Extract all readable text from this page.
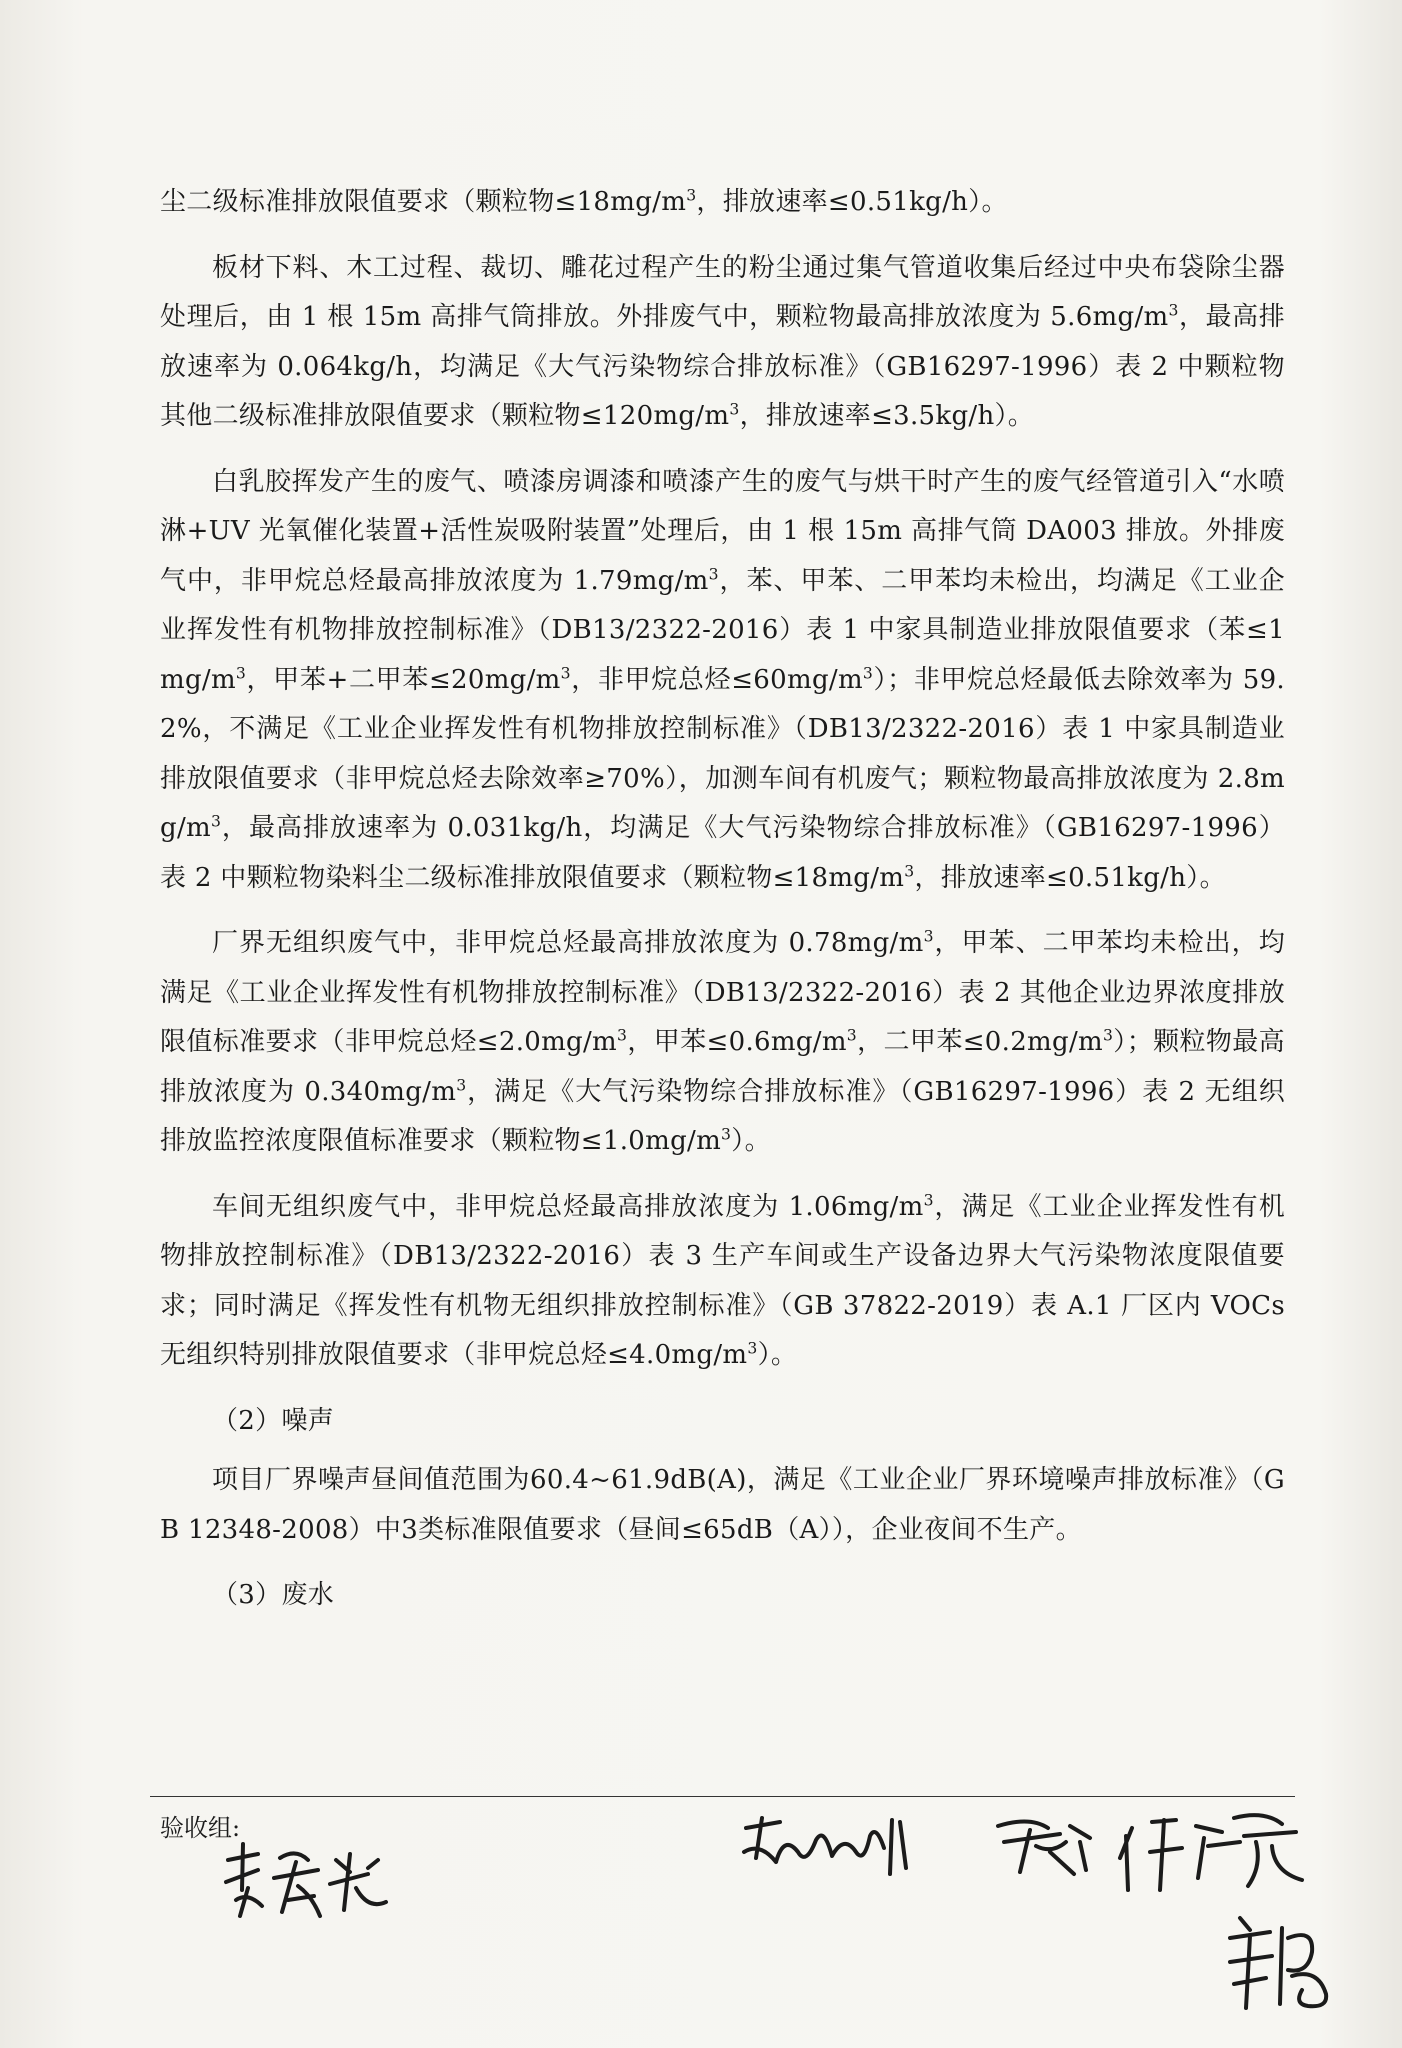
尘二级标准排放限值要求（颗粒物$\le 18mg/m^3$，排放速率≤0.51kg/h）。

板材下料、木工过程、裁切、雕花过程产生的粉尘通过集气管道收集后经过中央布袋除尘器处理后，由 1 根 15m 高排气筒排放。外排废气中，颗粒物最高排放浓度为 $5.6mg/m^3$，最高排放速率为 0.064kg/h，均满足《大气污染物综合排放标准》（GB16297-1996）表 2 中颗粒物其他二级标准排放限值要求（颗粒物$\le 120mg/m^3$，排放速率≤3.5kg/h）。

白乳胶挥发产生的废气、喷漆房调漆和喷漆产生的废气与烘干时产生的废气经管道引入“水喷淋+UV 光氧催化装置+活性炭吸附装置”处理后，由 1 根 15m 高排气筒 DA003 排放。外排废气中，非甲烷总烃最高排放浓度为 $1.79mg/m^3$，苯、甲苯、二甲苯均未检出，均满足《工业企业挥发性有机物排放控制标准》（DB13/2322-2016）表 1 中家具制造业排放限值要求（苯$\le 1mg/m^3$，甲苯+二甲苯$\le 20mg/m^3$，非甲烷总烃$\le 60mg/m^3$）；非甲烷总烃最低去除效率为 59.2%，不满足《工业企业挥发性有机物排放控制标准》（DB13/2322-2016）表 1 中家具制造业排放限值要求（非甲烷总烃去除效率≥70%），加测车间有机废气；颗粒物最高排放浓度为 $2.8mg/m^3$，最高排放速率为 0.031kg/h，均满足《大气污染物综合排放标准》（GB16297-1996）表 2 中颗粒物染料尘二级标准排放限值要求（颗粒物$\le 18mg/m^3$，排放速率≤0.51kg/h）。

厂界无组织废气中，非甲烷总烃最高排放浓度为 $0.78mg/m^3$，甲苯、二甲苯均未检出，均满足《工业企业挥发性有机物排放控制标准》（DB13/2322-2016）表 2 其他企业边界浓度排放限值标准要求（非甲烷总烃$\le 2.0mg/m^3$，甲苯$\le 0.6mg/m^3$，二甲苯$\le 0.2mg/m^3$）；颗粒物最高排放浓度为 $0.340mg/m^3$，满足《大气污染物综合排放标准》（GB16297-1996）表 2 无组织排放监控浓度限值标准要求（颗粒物$\le 1.0mg/m^3$）。

车间无组织废气中，非甲烷总烃最高排放浓度为 $1.06mg/m^3$，满足《工业企业挥发性有机物排放控制标准》（DB13/2322-2016）表 3 生产车间或生产设备边界大气污染物浓度限值要求；同时满足《挥发性有机物无组织排放控制标准》（GB 37822-2019）表 A.1 厂区内 VOCs 无组织特别排放限值要求（非甲烷总烃$\le 4.0mg/m^3$）。

（2）噪声

项目厂界噪声昼间值范围为60.4~61.9dB(A)，满足《工业企业厂界环境噪声排放标准》（GB 12348-2008）中3类标准限值要求（昼间≤65dB（A）），企业夜间不生产。

（3）废水

验收组:
